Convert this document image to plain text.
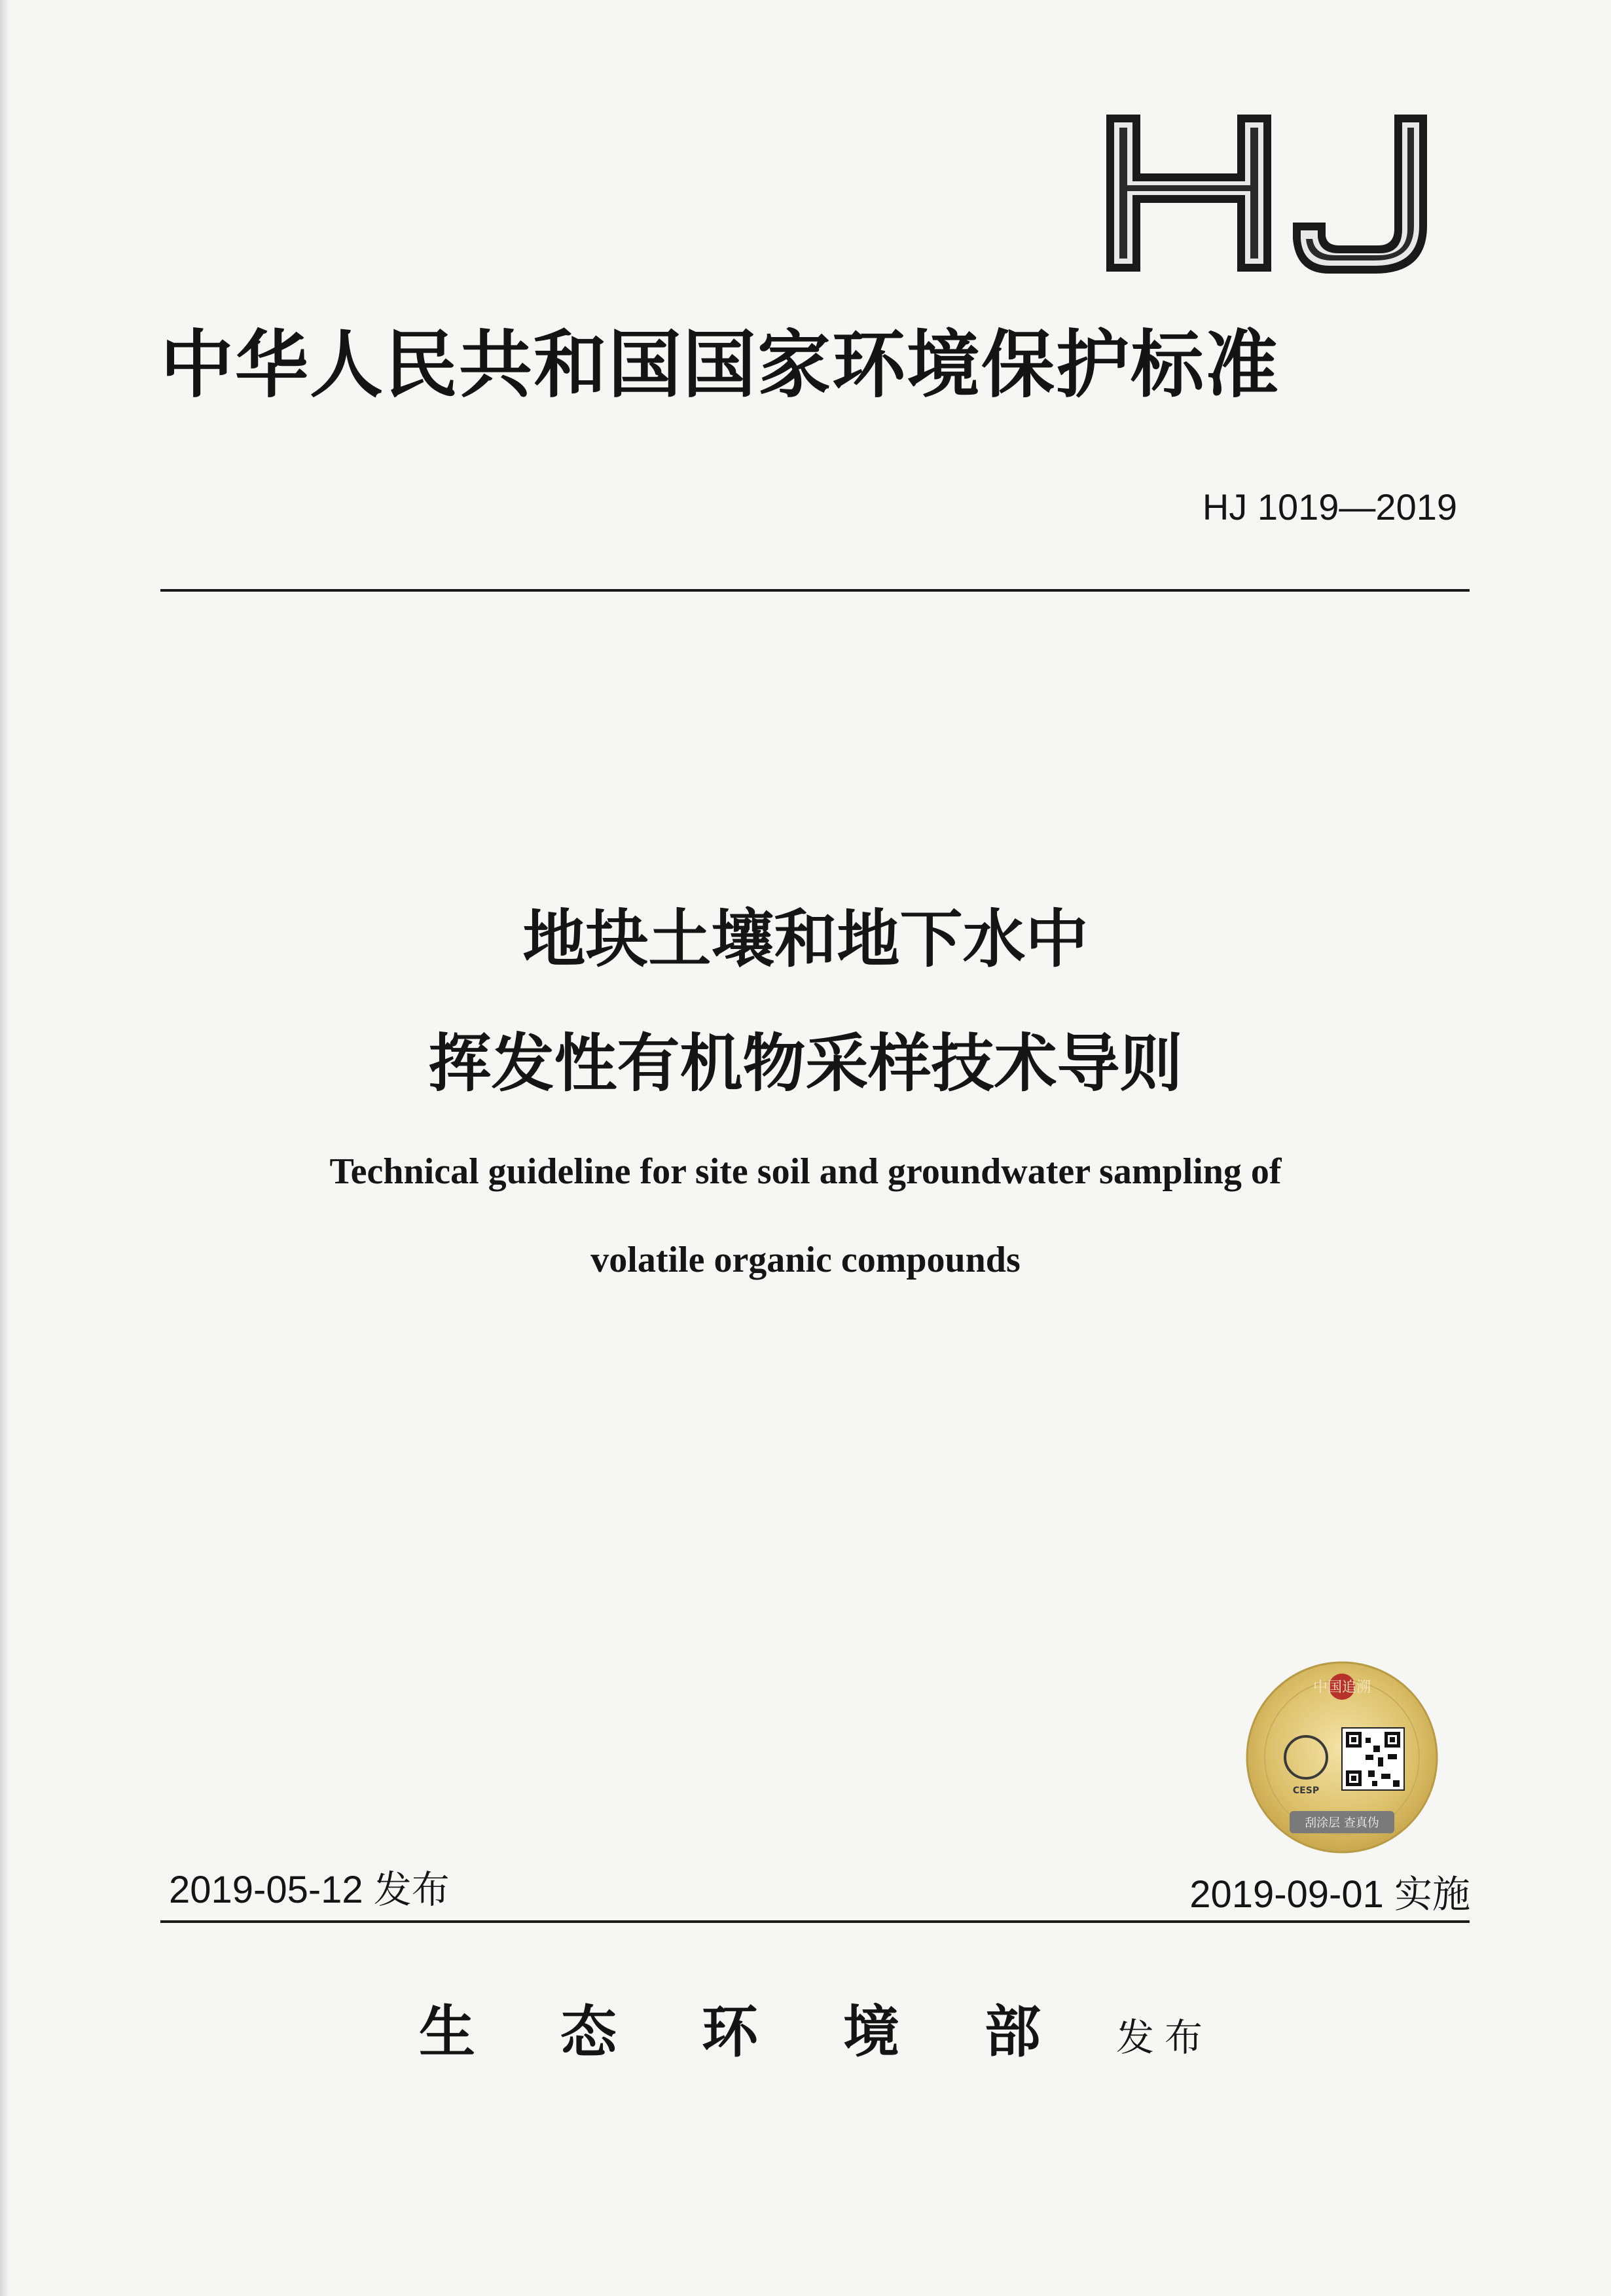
中华人民共和国国家环境保护标准
HJ 1019—2019
地块土壤和地下水中
挥发性有机物采样技术导则
Technical guideline for site soil and groundwater sampling of
volatile organic compounds
中国追溯
CESP
刮涂层 查真伪
2019-05-12 发布	2019-09-01 实施
生态环境部
发布
